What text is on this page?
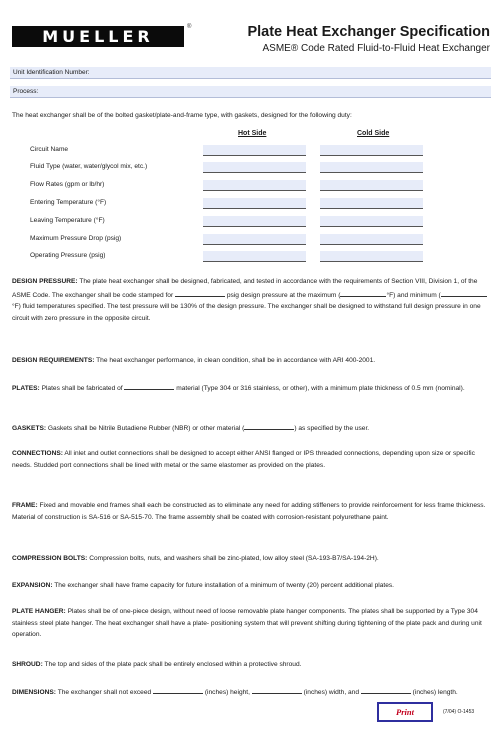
MUELLER	®	Plate Heat Exchanger Specification
ASME® Code Rated Fluid-to-Fluid Heat Exchanger
Unit Identification Number:
Process:
The heat exchanger shall be of the bolted gasket/plate-and-frame type, with gaskets, designed for the following duty:
Hot Side	Cold Side
Circuit Name
Fluid Type (water, water/glycol mix, etc.)
Flow Rates (gpm or lb/hr)
Entering Temperature (°F)
Leaving Temperature (°F)
Maximum Pressure Drop (psig)
Operating Pressure (psig)
DESIGN PRESSURE: The plate heat exchanger shall be designed, fabricated, and tested in accordance with the requirements of Section VIII, Division 1, of the ASME Code. The exchanger shall be code stamped for	psig design pressure at the maximum (	°F) and minimum (°F) fluid temperatures specified. The test pressure will be 130% of the design pressure. The exchanger shall be designed to withstand full design pressure in one circuit with zero pressure in the opposite circuit.
DESIGN REQUIREMENTS: The heat exchanger performance, in clean condition, shall be in accordance with ARI 400-2001.
PLATES: Plates shall be fabricated of	material (Type 304 or 316 stainless, or other), with a minimum plate thickness of 0.5 mm (nominal).
GASKETS: Gaskets shall be Nitrile Butadiene Rubber (NBR) or other material (	) as specified by the user.
CONNECTIONS: All inlet and outlet connections shall be designed to accept either ANSI flanged or IPS threaded connections, depending upon size or specific needs. Studded port connections shall be lined with metal or the same elastomer as provided on the plates.
FRAME: Fixed and movable end frames shall each be constructed as to eliminate any need for adding stiffeners to provide reinforcement for less frame thickness. Material of construction is SA-516 or SA-515-70. The frame assembly shall be coated with corrosion-resistant polyurethane paint.
COMPRESSION BOLTS: Compression bolts, nuts, and washers shall be zinc-plated, low alloy steel (SA-193-B7/SA-194-2H).
EXPANSION: The exchanger shall have frame capacity for future installation of a minimum of twenty (20) percent additional plates.
PLATE HANGER: Plates shall be of one-piece design, without need of loose removable plate hanger components. The plates shall be supported by a Type 304 stainless steel plate hanger. The heat exchanger shall have a plate- positioning system that will prevent shifting during tightening of the plate pack and during unit operation.
SHROUD: The top and sides of the plate pack shall be entirely enclosed within a protective shroud.
DIMENSIONS: The exchanger shall not exceed	(inches) height,	(inches) width, and	(inches) length.
Print	(7/04) O-1453
